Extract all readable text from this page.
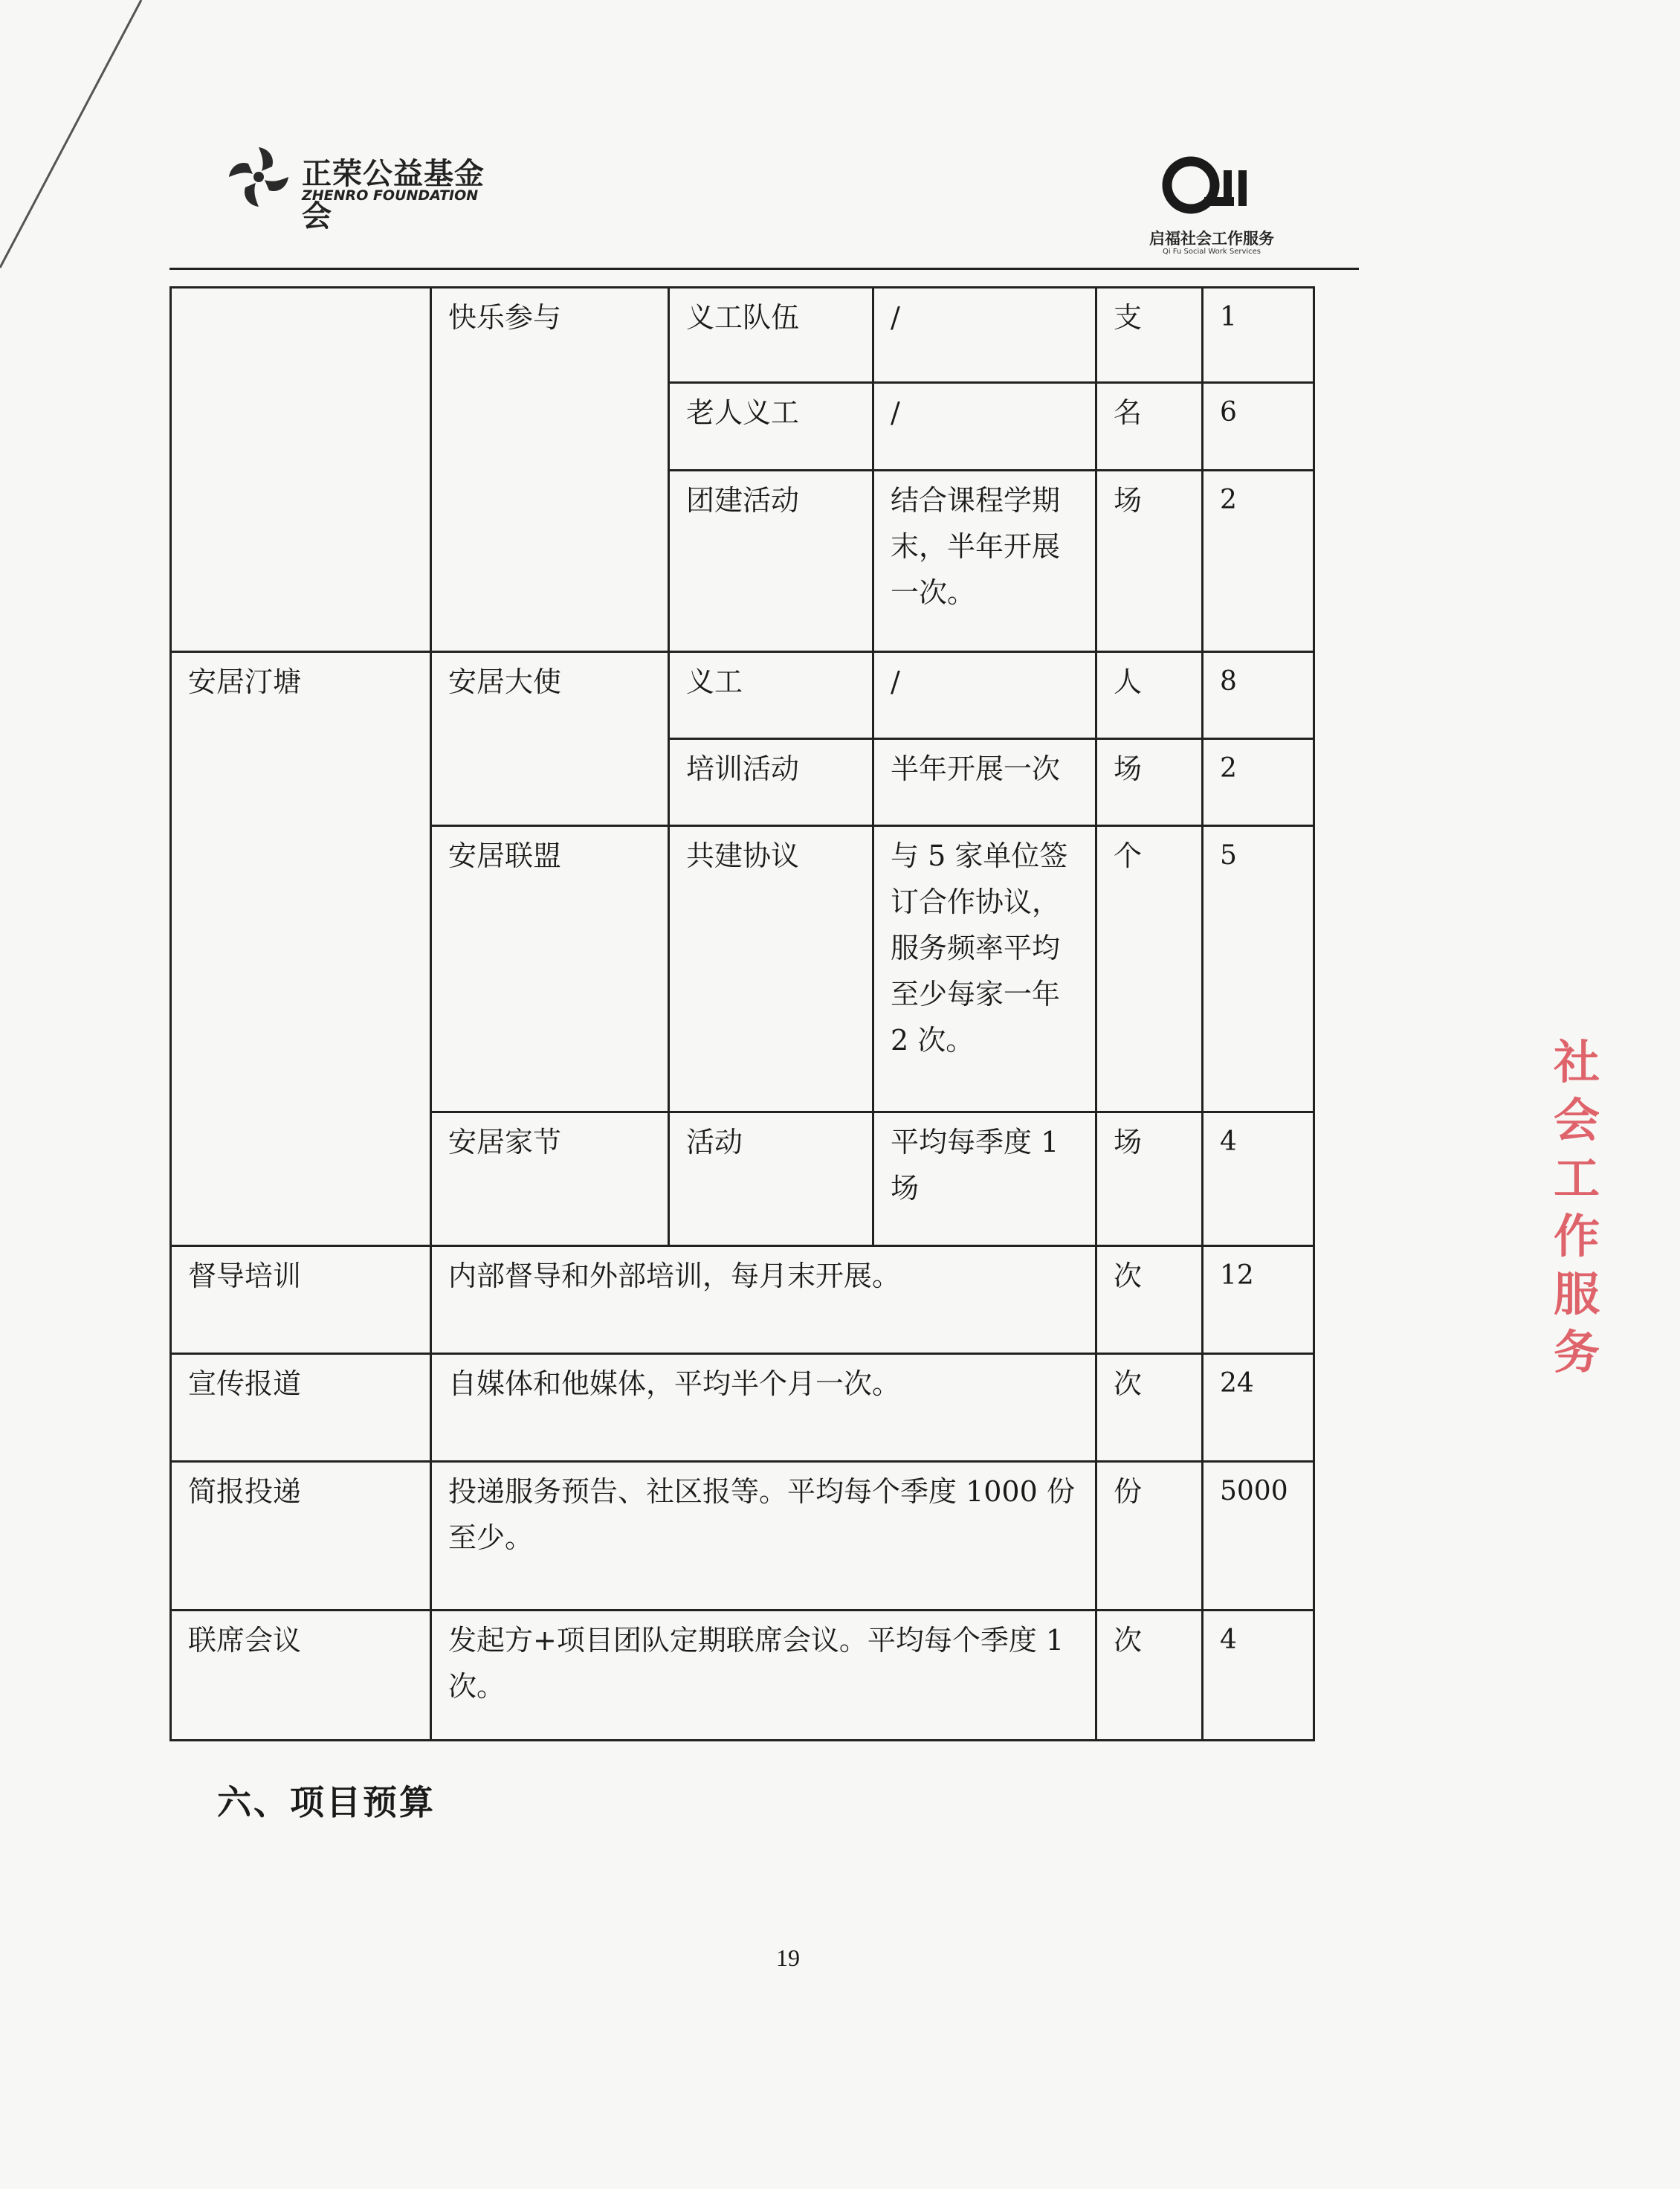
正荣公益基金会
ZHENRO FOUNDATION
启福社会工作服务
Qi Fu Social Work Services
	快乐参与	义工队伍	/	支	1
		老人义工	/	名	6
		团建活动	结合课程学期末，半年开展一次。	场	2
安居汀塘	安居大使	义工	/	人	8
		培训活动	半年开展一次	场	2
	安居联盟	共建协议	与 5 家单位签订合作协议，服务频率平均至少每家一年 2 次。	个	5
	安居家节	活动	平均每季度 1 场	场	4
督导培训	内部督导和外部培训，每月末开展。			次	12
宣传报道	自媒体和他媒体，平均半个月一次。			次	24
简报投递	投递服务预告、社区报等。平均每个季度 1000 份至少。			份	5000
联席会议	发起方+项目团队定期联席会议。平均每个季度 1 次。			次	4
六、项目预算
19
社会工作服务
